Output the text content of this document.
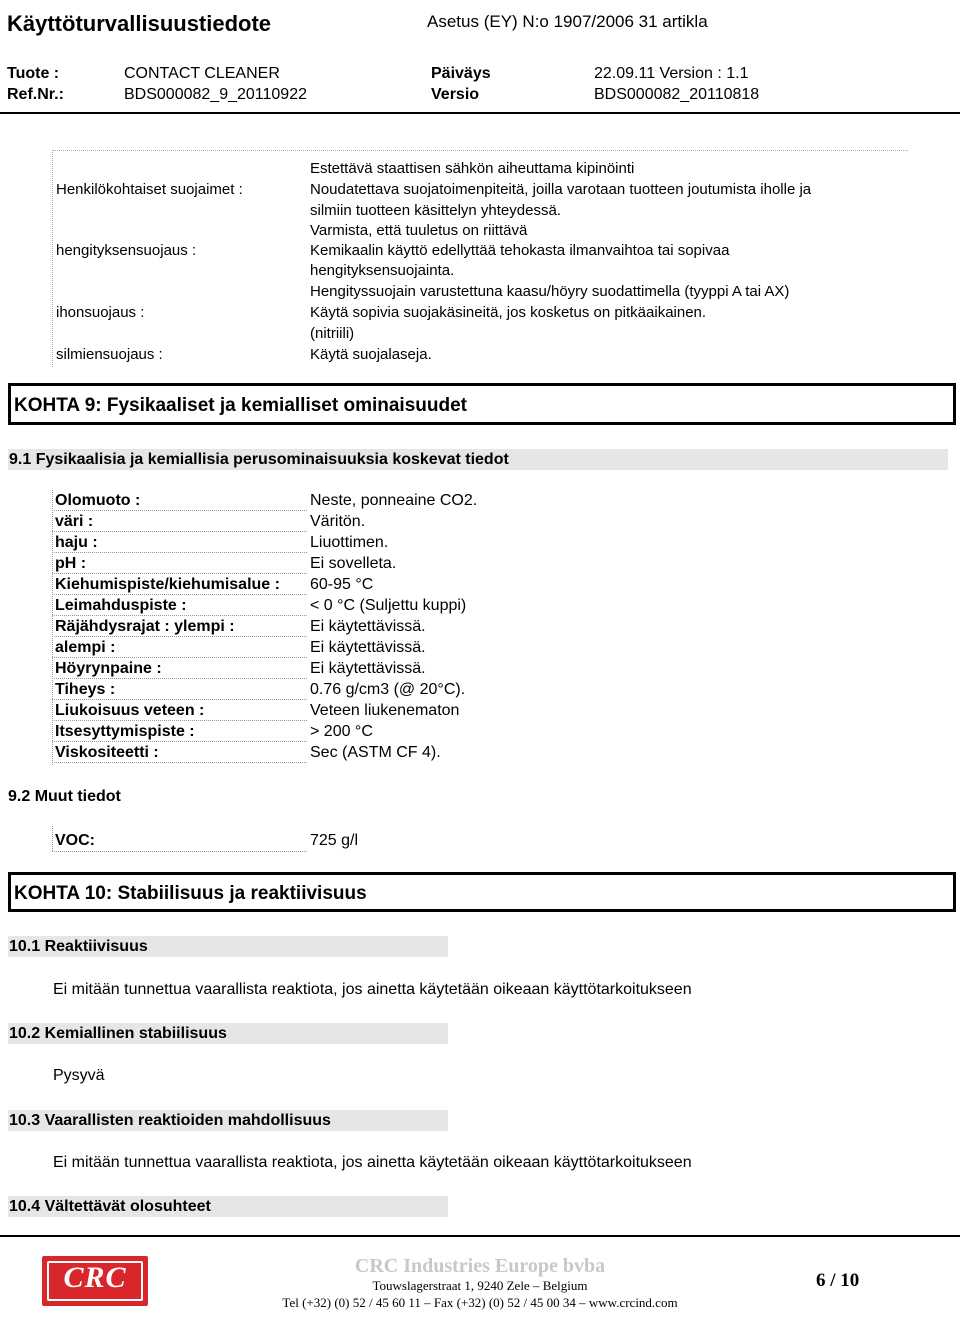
Käyttöturvallisuustiedote	Asetus (EY) N:o 1907/2006 31 artikla
Tuote :	CONTACT CLEANER	Päiväys	22.09.11 Version : 1.1
Ref.Nr.:	BDS000082_9_20110922	Versio	BDS000082_20110818
Estettävä staattisen sähkön aiheuttama kipinöinti
Henkilökohtaiset suojaimet :	Noudatettava suojatoimenpiteitä, joilla varotaan tuotteen joutumista iholle ja
silmiin tuotteen käsittelyn yhteydessä.
Varmista, että tuuletus on riittävä
hengityksensuojaus :	Kemikaalin käyttö edellyttää tehokasta ilmanvaihtoa tai sopivaa
hengityksensuojainta.
Hengityssuojain varustettuna kaasu/höyry suodattimella (tyyppi A tai AX)
ihonsuojaus :	Käytä sopivia suojakäsineitä, jos kosketus on pitkäaikainen.
(nitriili)
silmiensuojaus :	Käytä suojalaseja.
KOHTA 9: Fysikaaliset ja kemialliset ominaisuudet
9.1 Fysikaalisia ja kemiallisia perusominaisuuksia koskevat tiedot
Olomuoto :	Neste, ponneaine CO2.
väri :	Väritön.
haju :	Liuottimen.
pH :	Ei sovelleta.
Kiehumispiste/kiehumisalue : 60-95 °C
Leimahduspiste :	< 0 °C (Suljettu kuppi)
Räjähdysrajat : ylempi :	Ei käytettävissä.
alempi :	Ei käytettävissä.
Höyrynpaine :	Ei käytettävissä.
Tiheys :	0.76 g/cm3 (@ 20°C).
Liukoisuus veteen :	Veteen liukenematon
Itsesyttymispiste :	> 200 °C
Viskositeetti :	Sec (ASTM CF 4).
9.2 Muut tiedot
VOC:	725 g/l
KOHTA 10: Stabiilisuus ja reaktiivisuus
10.1 Reaktiivisuus
Ei mitään tunnettua vaarallista reaktiota, jos ainetta käytetään oikeaan käyttötarkoitukseen
10.2 Kemiallinen stabiilisuus
Pysyvä
10.3 Vaarallisten reaktioiden mahdollisuus
Ei mitään tunnettua vaarallista reaktiota, jos ainetta käytetään oikeaan käyttötarkoitukseen
10.4 Vältettävät olosuhteet
CRC	CRC Industries Europe bvba
Touwslagerstraat 1, 9240 Zele – Belgium
Tel (+32) (0) 52 / 45 60 11 – Fax (+32) (0) 52 / 45 00 34 – www.crcind.com
6 / 10
